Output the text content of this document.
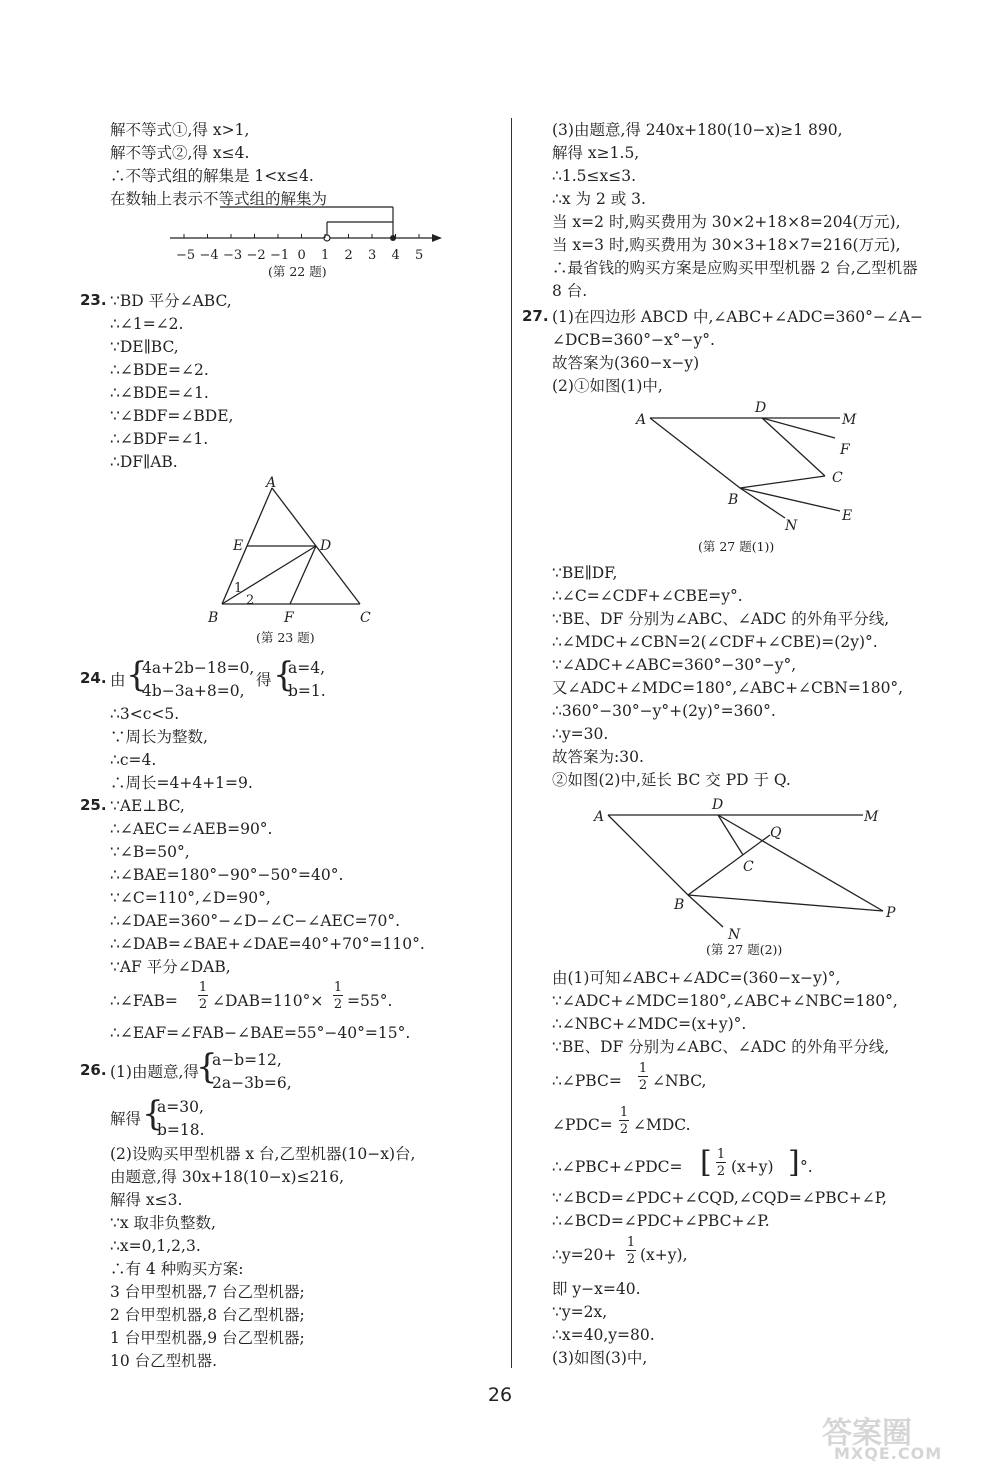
解不等式①,得 x>1,
解不等式②,得 x≤4.
∴不等式组的解集是 1<x≤4.
在数轴上表示不等式组的解集为
∵BD 平分∠ABC,
∴∠1=∠2.
∵DE∥BC,
∴∠BDE=∠2.
∴∠BDE=∠1.
∵∠BDF=∠BDE,
∴∠BDF=∠1.
∴DF∥AB.
∴3<c<5.
∵周长为整数,
∴c=4.
∴周长=4+4+1=9.
∵AE⊥BC,
∴∠AEC=∠AEB=90°.
∵∠B=50°,
∴∠BAE=180°−90°−50°=40°.
∵∠C=110°,∠D=90°,
∴∠DAE=360°−∠D−∠C−∠AEC=70°.
∴∠DAB=∠BAE+∠DAE=40°+70°=110°.
∵AF 平分∠DAB,
∴∠EAF=∠FAB−∠BAE=55°−40°=15°.
(2)设购买甲型机器 x 台,乙型机器(10−x)台,
由题意,得 30x+18(10−x)≤216,
解得 x≤3.
∵x 取非负整数,
∴x=0,1,2,3.
∴有 4 种购买方案:
3 台甲型机器,7 台乙型机器;
2 台甲型机器,8 台乙型机器;
1 台甲型机器,9 台乙型机器;
10 台乙型机器.
(3)由题意,得 240x+180(10−x)≥1 890,
解得 x≥1.5,
∴1.5≤x≤3.
∴x 为 2 或 3.
当 x=2 时,购买费用为 30×2+18×8=204(万元),
当 x=3 时,购买费用为 30×3+18×7=216(万元),
∴最省钱的购买方案是应购买甲型机器 2 台,乙型机器
8 台.
(1)在四边形 ABCD 中,∠ABC+∠ADC=360°−∠A−
∠DCB=360°−x°−y°.
故答案为(360−x−y)
(2)①如图(1)中,
∵BE∥DF,
∴∠C=∠CDF+∠CBE=y°.
∵BE、DF 分别为∠ABC、∠ADC 的外角平分线,
∴∠MDC+∠CBN=2(∠CDF+∠CBE)=(2y)°.
∵∠ADC+∠ABC=360°−30°−y°,
又∠ADC+∠MDC=180°,∠ABC+∠CBN=180°,
∴360°−30°−y°+(2y)°=360°.
∴y=30.
故答案为:30.
②如图(2)中,延长 BC 交 PD 于 Q.
由(1)可知∠ABC+∠ADC=(360−x−y)°,
∵∠ADC+∠MDC=180°,∠ABC+∠NBC=180°,
∴∠NBC+∠MDC=(x+y)°.
∵BE、DF 分别为∠ABC、∠ADC 的外角平分线,
∵∠BCD=∠PDC+∠CQD,∠CQD=∠PBC+∠P,
∴∠BCD=∠PDC+∠PBC+∠P.
即 y−x=40.
∵y=2x,
∴x=40,y=80.
(3)如图(3)中,
23.
24.
25.
26.
27.
由 {
4a+2b−18=0,
4b−3a+8=0,
得 {
a=4,
b=1.
∴∠FAB=
1
2 ∠DAB=110°×
1
2 =55°.
(1)由题意,得
{
a−b=12,
2a−3b=6,
解得 {
a=30,
b=18.
∴∠PBC=
1
2 ∠NBC,
∠PDC=
1
2 ∠MDC.
∴∠PBC+∠PDC= [ 1
2 (x+y) ] °.
∴y=20+
1
2 (x+y),
−5 −4 −3 −2 −1 0 1 2 3 4 5
(第 22 题)
A
E	D
1
2
B	F	C
(第 23 题)
A
D
M
F
C
B
E
N
(第 27 题(1))
A
D
M
Q
C
B	P
N
(第 27 题(2))
26
答案圈
MXQE.COM
